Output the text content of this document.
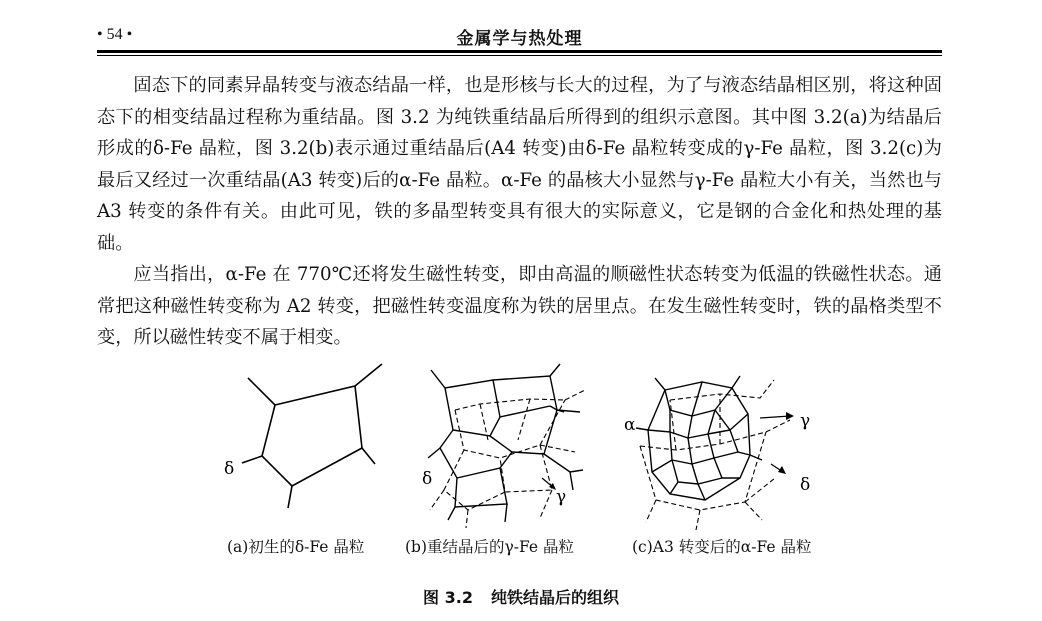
• 54 •	金属学与热处理

固态下的同素异晶转变与液态结晶一样，也是形核与长大的过程，为了与液态结晶相区别，将这种固态下的相变结晶过程称为重结晶。图 3.2 为纯铁重结晶后所得到的组织示意图。其中图 3.2(a)为结晶后形成的δ-Fe 晶粒，图 3.2(b)表示通过重结晶后(A4 转变)由δ-Fe 晶粒转变成的γ-Fe 晶粒，图 3.2(c)为最后又经过一次重结晶(A3 转变)后的α-Fe 晶粒。α-Fe 的晶核大小显然与γ-Fe 晶粒大小有关，当然也与 A3 转变的条件有关。由此可见，铁的多晶型转变具有很大的实际意义，它是钢的合金化和热处理的基础。

应当指出，α-Fe 在 770℃还将发生磁性转变，即由高温的顺磁性状态转变为低温的铁磁性状态。通常把这种磁性转变称为 A2 转变，把磁性转变温度称为铁的居里点。在发生磁性转变时，铁的晶格类型不变，所以磁性转变不属于相变。

δ	δ
γ
α	γ
δ
(a)初生的δ-Fe 晶粒	(b)重结晶后的γ-Fe 晶粒	(c)A3 转变后的α-Fe 晶粒
图 3.2 纯铁结晶后的组织
